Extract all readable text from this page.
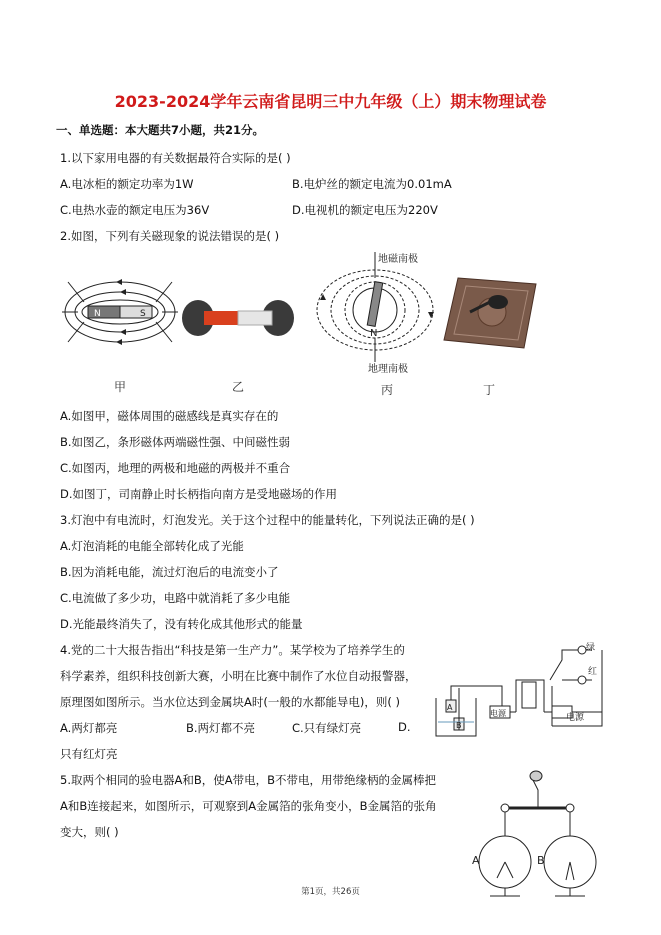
2023-2024学年云南省昆明三中九年级（上）期末物理试卷
一、单选题：本大题共7小题，共21分。
1.以下家用电器的有关数据最符合实际的是( )
A.电冰柜的额定功率为1W	B.电炉丝的额定电流为0.01mA
C.电热水壶的额定电压为36V	D.电视机的额定电压为220V
2.如图，下列有关磁现象的说法错误的是( )
N	S
地磁南极
N
地理南极
甲	乙	丙	丁
A.如图甲，磁体周围的磁感线是真实存在的
B.如图乙，条形磁体两端磁性强、中间磁性弱
C.如图丙，地理的两极和地磁的两极并不重合
D.如图丁，司南静止时长柄指向南方是受地磁场的作用
3.灯泡中有电流时，灯泡发光。关于这个过程中的能量转化，下列说法正确的是( )
A.灯泡消耗的电能全部转化成了光能
B.因为消耗电能，流过灯泡后的电流变小了
C.电流做了多少功，电路中就消耗了多少电能
D.光能最终消失了，没有转化成其他形式的能量
4.党的二十大报告指出“科技是第一生产力”。某学校为了培养学生的
科学素养，组织科技创新大赛，小明在比赛中制作了水位自动报警器，
原理图如图所示。当水位达到金属块A时(一般的水都能导电)，则( )
A.两灯都亮	B.两灯都不亮	C.只有绿灯亮	D.
只有红灯亮
A
B
电源	电源
绿
红
5.取两个相同的验电器A和B，使A带电，B不带电，用带绝缘柄的金属棒把
A和B连接起来，如图所示，可观察到A金属箔的张角变小，B金属箔的张角
变大，则( )
A	B
第1页，共26页
